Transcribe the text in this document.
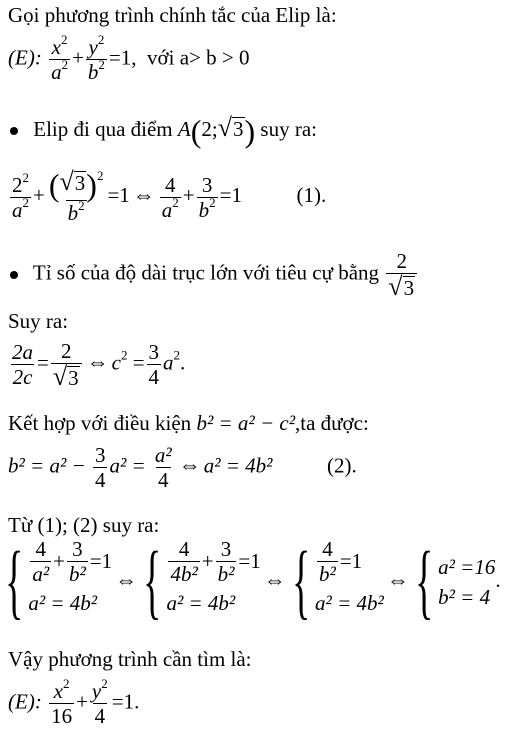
Gọi phương trình chính tắc của Elip là:
(E): $\frac{x^2}{a^2} + \frac{y^2}{b^2} =1$, với a> b > 0
Elip đi qua điểm A(2; √ 3 ) suy ra:
$\frac{2^2}{a^2} + \frac{( √ 3 )^2}{b^2} =1$ ⇔ $\frac{4}{a^2} + \frac{3}{b^2} =1$	(1).
Tỉ số của độ dài trục lớn với tiêu cự bằng $\frac{2}{√ 3}$
Suy ra:
$\frac{2a}{2c} = \frac{2}{√ 3}$ ⇔ $c^2 = \frac{3}{4} a^2$.
Kết hợp với điều kiện b² = a² − c²,ta được:
$b^2 = a^2 - \frac{3}{4} a^2 = \frac{\text{a²}}{4}$ ⇔ a² = 4b²	(2).
Từ (1); (2) suy ra:
{ $\frac{4}{\text{a²}} + \frac{3}{\text{b²}} =1$
a² = 4b²
⇔ { $\frac{4}{\text{4b²}} + \frac{3}{\text{b²}} =1$
a² = 4b²
⇔ { $\frac{4}{\text{b²}} =1$
a² = 4b²
⇔ { a² =16
b² = 4
.
Vậy phương trình cần tìm là:
(E): $\frac{x^2}{16} + \frac{y^2}{4} =1$.
